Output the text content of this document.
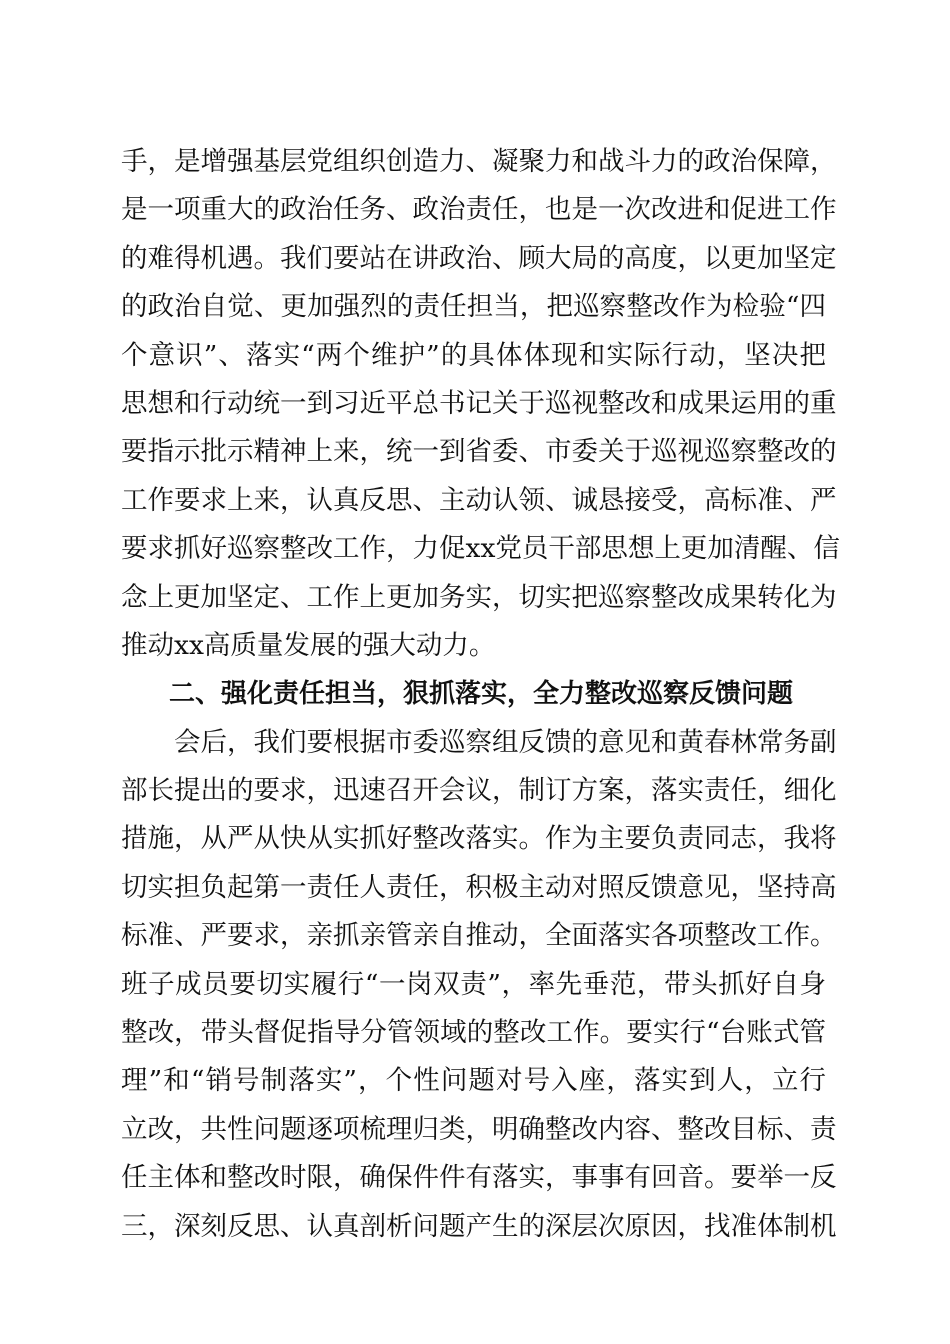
手，是增强基层党组织创造力、凝聚力和战斗力的政治保障，
是一项重大的政治任务、政治责任，也是一次改进和促进工作
的难得机遇。我们要站在讲政治、顾大局的高度，以更加坚定
的政治自觉、更加强烈的责任担当，把巡察整改作为检验“四
个意识”、落实“两个维护”的具体体现和实际行动，坚决把
思想和行动统一到习近平总书记关于巡视整改和成果运用的重
要指示批示精神上来，统一到省委、市委关于巡视巡察整改的
工作要求上来，认真反思、主动认领、诚恳接受，高标准、严
要求抓好巡察整改工作，力促xx党员干部思想上更加清醒、信
念上更加坚定、工作上更加务实，切实把巡察整改成果转化为
推动xx高质量发展的强大动力。
二、强化责任担当，狠抓落实，全力整改巡察反馈问题
会后，我们要根据市委巡察组反馈的意见和黄春林常务副
部长提出的要求，迅速召开会议，制订方案，落实责任，细化
措施，从严从快从实抓好整改落实。作为主要负责同志，我将
切实担负起第一责任人责任，积极主动对照反馈意见，坚持高
标准、严要求，亲抓亲管亲自推动，全面落实各项整改工作。
班子成员要切实履行“一岗双责”，率先垂范，带头抓好自身
整改，带头督促指导分管领域的整改工作。要实行“台账式管
理”和“销号制落实”，个性问题对号入座，落实到人，立行
立改，共性问题逐项梳理归类，明确整改内容、整改目标、责
任主体和整改时限，确保件件有落实，事事有回音。要举一反
三，深刻反思、认真剖析问题产生的深层次原因，找准体制机
